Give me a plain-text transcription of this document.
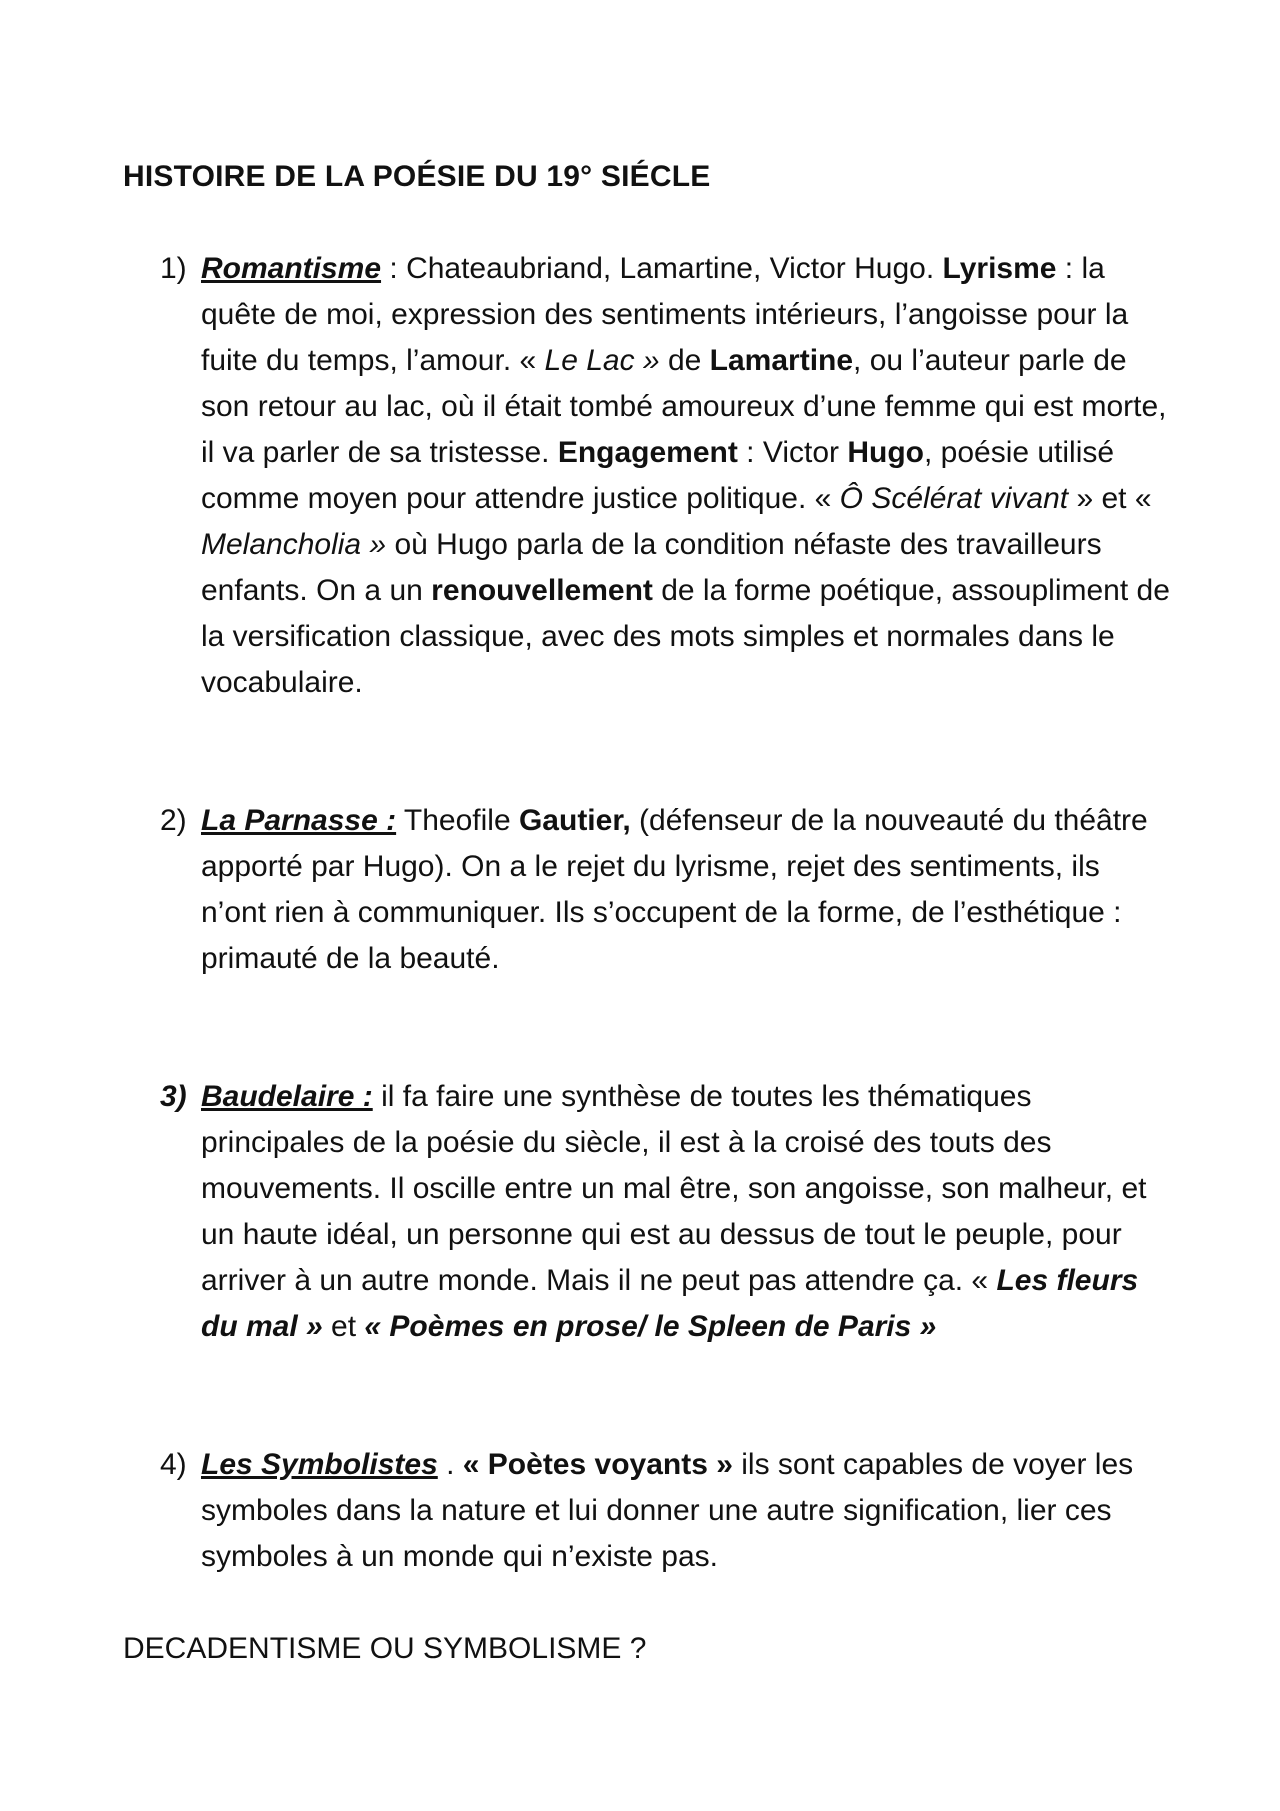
HISTOIRE DE LA POÉSIE DU 19° SIÉCLE
1) Romantisme : Chateaubriand, Lamartine, Victor Hugo. Lyrisme : la quête de moi, expression des sentiments intérieurs, l’angoisse pour la fuite du temps, l’amour. « Le Lac » de Lamartine, ou l’auteur parle de son retour au lac, où il était tombé amoureux d’une femme qui est morte, il va parler de sa tristesse. Engagement : Victor Hugo, poésie utilisé comme moyen pour attendre justice politique. « Ô Scélérat vivant » et « Melancholia » où Hugo parla de la condition néfaste des travailleurs enfants. On a un renouvellement de la forme poétique, assoupliment de la versification classique, avec des mots simples et normales dans le vocabulaire.

2) La Parnasse : Theofile Gautier, (défenseur de la nouveauté du théâtre apporté par Hugo). On a le rejet du lyrisme, rejet des sentiments, ils n’ont rien à communiquer. Ils s’occupent de la forme, de l’esthétique : primauté de la beauté.

3) Baudelaire : il fa faire une synthèse de toutes les thématiques principales de la poésie du siècle, il est à la croisé des touts des mouvements. Il oscille entre un mal être, son angoisse, son malheur, et un haute idéal, un personne qui est au dessus de tout le peuple, pour arriver à un autre monde. Mais il ne peut pas attendre ça. « Les fleurs du mal » et « Poèmes en prose/ le Spleen de Paris »

4) Les Symbolistes . « Poètes voyants » ils sont capables de voyer les symboles dans la nature et lui donner une autre signification, lier ces symboles à un monde qui n’existe pas.

DECADENTISME OU SYMBOLISME ?
